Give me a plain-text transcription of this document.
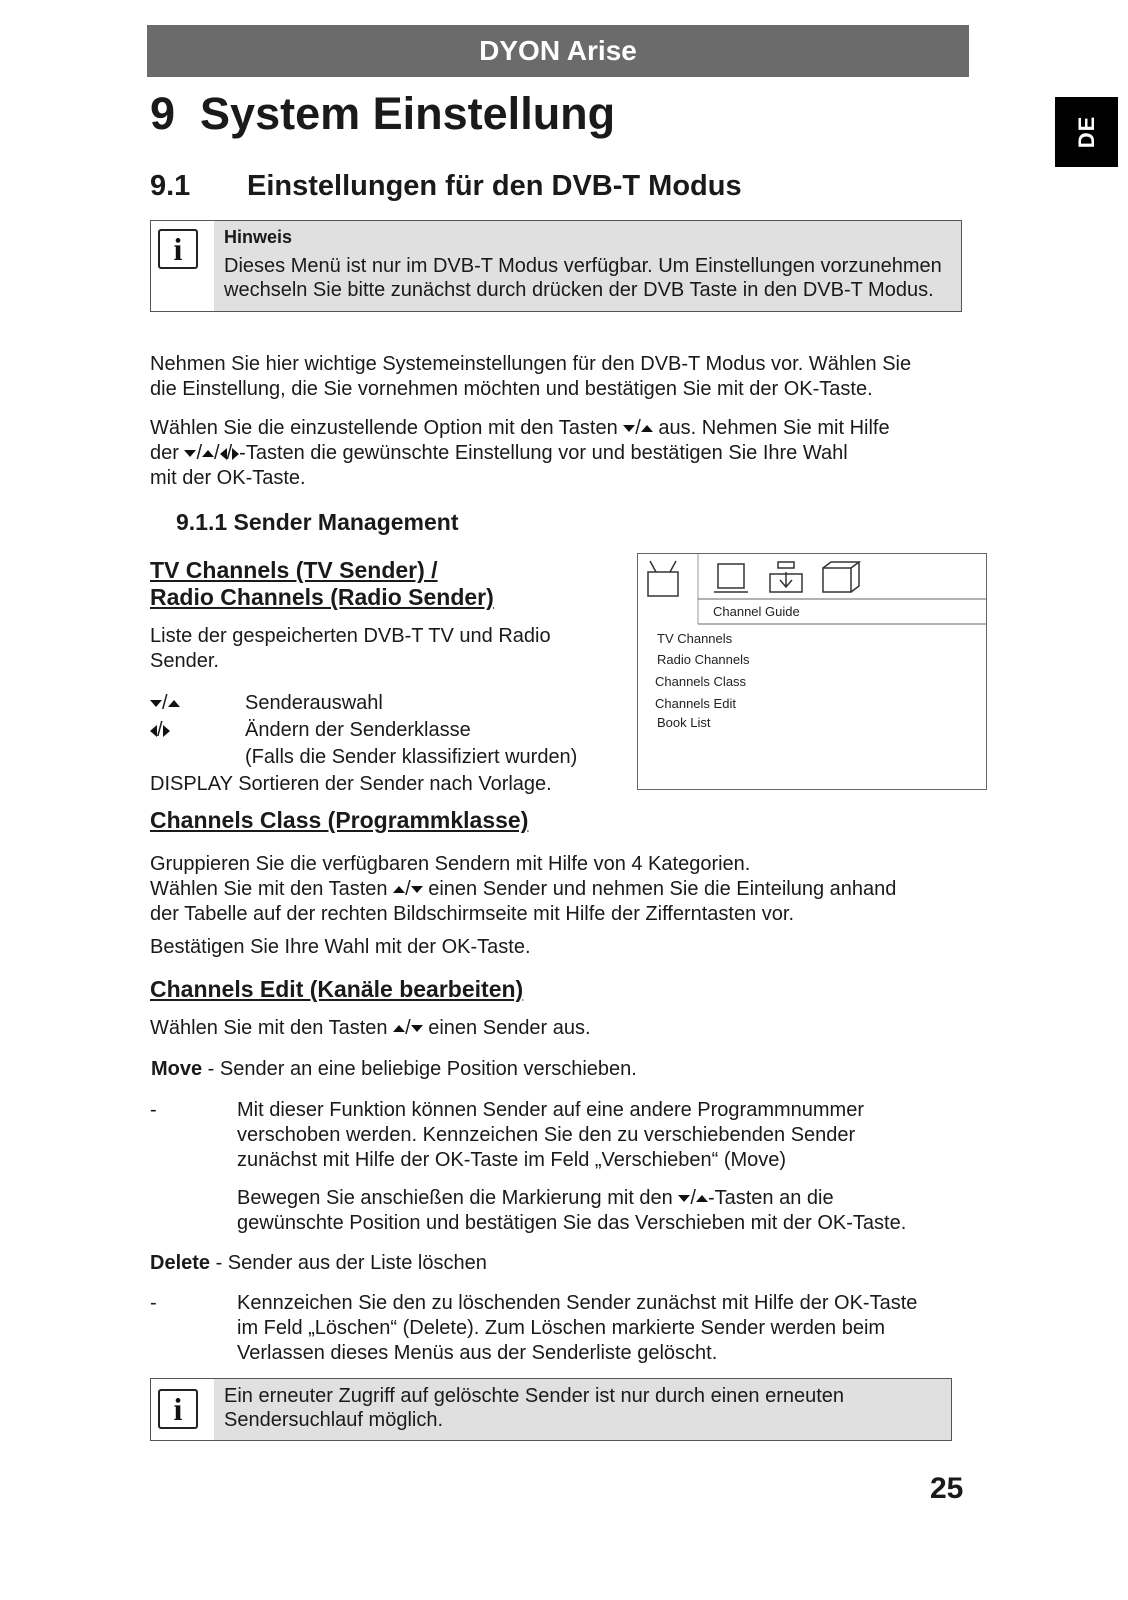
DYON Arise
DE
9 System Einstellung
9.1 Einstellungen für den DVB-T Modus
i	Hinweis
Dieses Menü ist nur im DVB-T Modus verfügbar. Um Einstellungen vorzunehmen
wechseln Sie bitte zunächst durch drücken der DVB Taste in den DVB-T Modus.
Nehmen Sie hier wichtige Systemeinstellungen für den DVB-T Modus vor. Wählen Sie
die Einstellung, die Sie vornehmen möchten und bestätigen Sie mit der OK-Taste.
Wählen Sie die einzustellende Option mit den Tasten / aus. Nehmen Sie mit Hilfe
der / / / -Tasten die gewünschte Einstellung vor und bestätigen Sie Ihre Wahl
mit der OK-Taste.
9.1.1 Sender Management
TV Channels (TV Sender) /
Radio Channels (Radio Sender)
Liste der gespeicherten DVB-T TV und Radio
Sender.
/	Senderauswahl
/	Ändern der Senderklasse
(Falls die Sender klassifiziert wurden)
DISPLAY Sortieren der Sender nach Vorlage.
Channel Guide
TV Channels
Radio Channels
Channels Class
Channels Edit
Book List
Channels Class (Programmklasse)
Gruppieren Sie die verfügbaren Sendern mit Hilfe von 4 Kategorien.
Wählen Sie mit den Tasten / einen Sender und nehmen Sie die Einteilung anhand
der Tabelle auf der rechten Bildschirmseite mit Hilfe der Zifferntasten vor.
Bestätigen Sie Ihre Wahl mit der OK-Taste.
Channels Edit (Kanäle bearbeiten)
Wählen Sie mit den Tasten / einen Sender aus.
Move - Sender an eine beliebige Position verschieben.
-	Mit dieser Funktion können Sender auf eine andere Programmnummer
verschoben werden. Kennzeichen Sie den zu verschiebenden Sender
zunächst mit Hilfe der OK-Taste im Feld „Verschieben“ (Move)
Bewegen Sie anschießen die Markierung mit den / -Tasten an die
gewünschte Position und bestätigen Sie das Verschieben mit der OK-Taste.
Delete - Sender aus der Liste löschen
-	Kennzeichen Sie den zu löschenden Sender zunächst mit Hilfe der OK-Taste
im Feld „Löschen“ (Delete). Zum Löschen markierte Sender werden beim
Verlassen dieses Menüs aus der Senderliste gelöscht.
i	Ein erneuter Zugriff auf gelöschte Sender ist nur durch einen erneuten
Sendersuchlauf möglich.
25
